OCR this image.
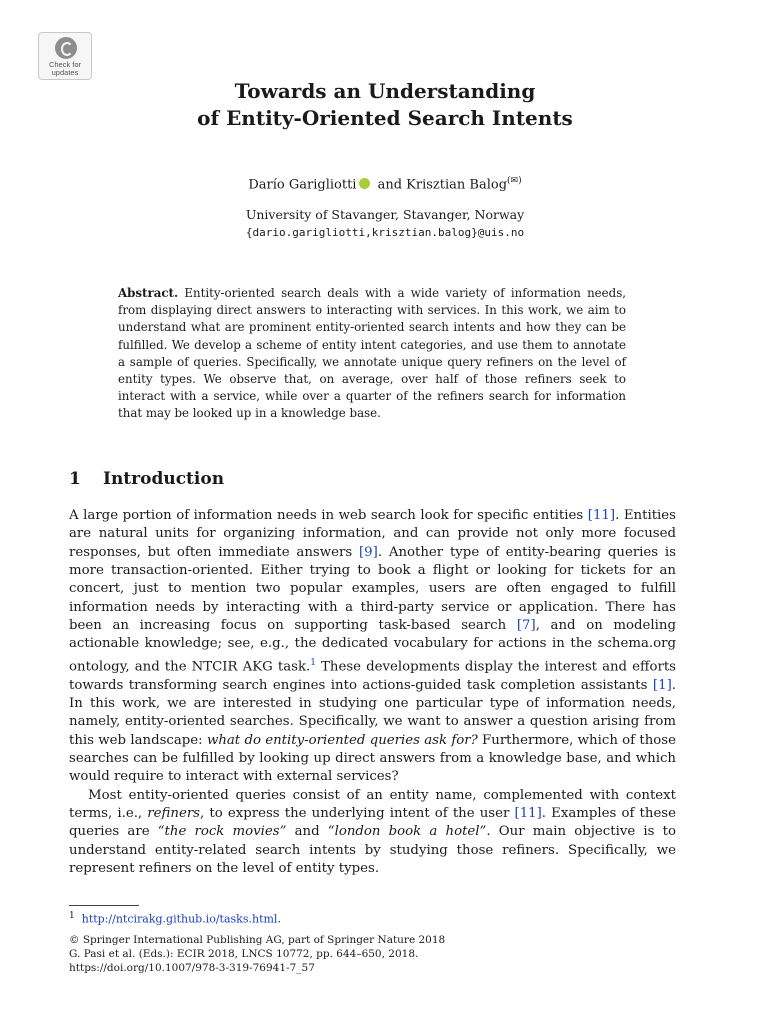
Check for updates
Towards an Understanding
of Entity-Oriented Search Intents
Darío Garigliotti and Krisztian Balog(✉)
University of Stavanger, Stavanger, Norway
{dario.garigliotti,krisztian.balog}@uis.no
Abstract. Entity-oriented search deals with a wide variety of information needs, from displaying direct answers to interacting with services. In this work, we aim to understand what are prominent entity-oriented search intents and how they can be fulfilled. We develop a scheme of entity intent categories, and use them to annotate a sample of queries. Specifically, we annotate unique query refiners on the level of entity types. We observe that, on average, over half of those refiners seek to interact with a service, while over a quarter of the refiners search for information that may be looked up in a knowledge base.
1 Introduction

A large portion of information needs in web search look for specific entities [11]. Entities are natural units for organizing information, and can provide not only more focused responses, but often immediate answers [9]. Another type of entity-bearing queries is more transaction-oriented. Either trying to book a flight or looking for tickets for an concert, just to mention two popular examples, users are often engaged to fulfill information needs by interacting with a third-party service or application. There has been an increasing focus on supporting task-based search [7], and on modeling actionable knowledge; see, e.g., the dedicated vocabulary for actions in the schema.org ontology, and the NTCIR AKG task.$^1$ These developments display the interest and efforts towards transforming search engines into actions-guided task completion assistants [1]. In this work, we are interested in studying one particular type of information needs, namely, entity-oriented searches. Specifically, we want to answer a question arising from this web landscape: what do entity-oriented queries ask for? Furthermore, which of those searches can be fulfilled by looking up direct answers from a knowledge base, and which would require to interact with external services?

Most entity-oriented queries consist of an entity name, complemented with context terms, i.e., refiners, to express the underlying intent of the user [11]. Examples of these queries are “the rock movies” and “london book a hotel”. Our main objective is to understand entity-related search intents by studying those refiners. Specifically, we represent refiners on the level of entity types.

$^1$ http://ntcirakg.github.io/tasks.html.
© Springer International Publishing AG, part of Springer Nature 2018
G. Pasi et al. (Eds.): ECIR 2018, LNCS 10772, pp. 644–650, 2018.
https://doi.org/10.1007/978-3-319-76941-7_57
